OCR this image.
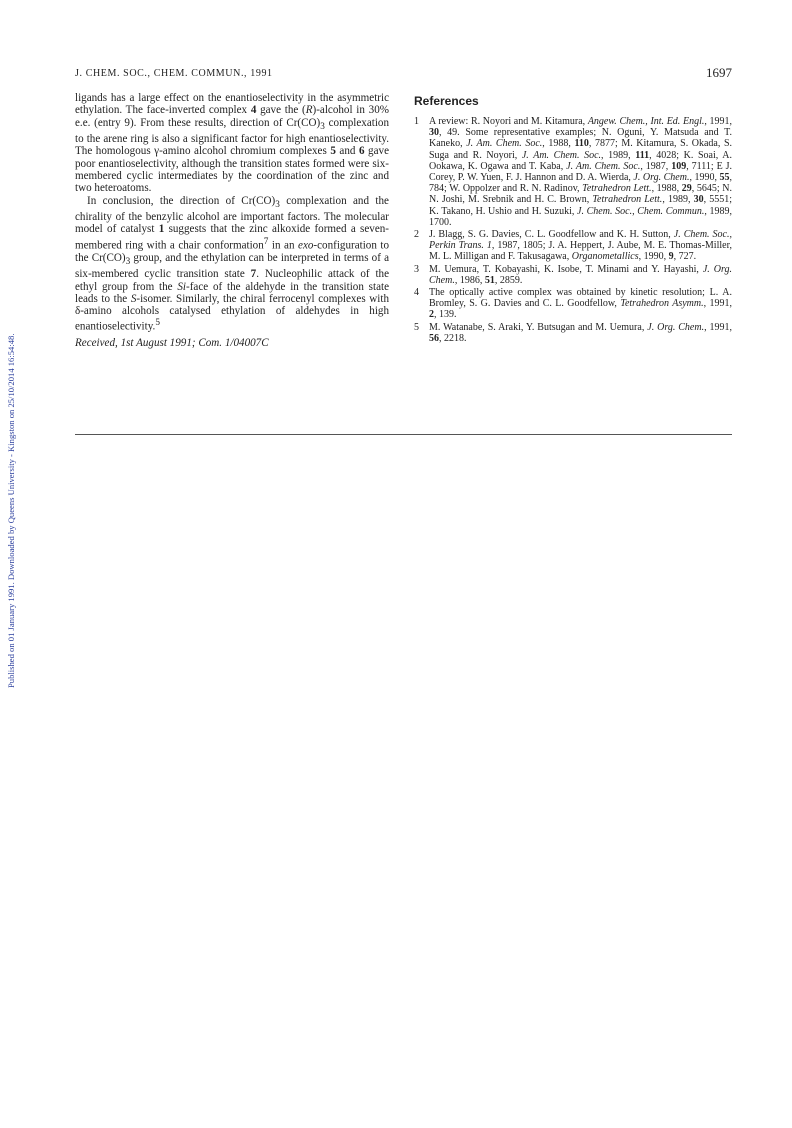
Published on 01 January 1991. Downloaded by Queens University - Kingston on 25/10/2014 16:54:48.
J. CHEM. SOC., CHEM. COMMUN., 1991	1697

ligands has a large effect on the enantioselectivity in the asymmetric ethylation. The face-inverted complex 4 gave the (R)-alcohol in 30% e.e. (entry 9). From these results, direction of $Cr(CO)_3$ complexation to the arene ring is also a significant factor for high enantioselectivity. The homologous γ-amino alcohol chromium complexes 5 and 6 gave poor enantioselectivity, although the transition states formed were six-membered cyclic intermediates by the coordination of the zinc and two heteroatoms.

In conclusion, the direction of $Cr(CO)_3$ complexation and the chirality of the benzylic alcohol are important factors. The molecular model of catalyst 1 suggests that the zinc alkoxide formed a seven-membered ring with a chair conformation$^7$ in an exo-configuration to the $Cr(CO)_3$ group, and the ethylation can be interpreted in terms of a six-membered cyclic transition state 7. Nucleophilic attack of the ethyl group from the Si-face of the aldehyde in the transition state leads to the S-isomer. Similarly, the chiral ferrocenyl complexes with δ-amino alcohols catalysed ethylation of aldehydes in high enantioselectivity.$^5$

Received, 1st August 1991; Com. 1/04007C

References
1 A review: R. Noyori and M. Kitamura, Angew. Chem., Int. Ed. Engl., 1991, 30, 49. Some representative examples; N. Oguni, Y. Matsuda and T. Kaneko, J. Am. Chem. Soc., 1988, 110, 7877; M. Kitamura, S. Okada, S. Suga and R. Noyori, J. Am. Chem. Soc., 1989, 111, 4028; K. Soai, A. Ookawa, K. Ogawa and T. Kaba, J. Am. Chem. Soc., 1987, 109, 7111; E J. Corey, P. W. Yuen, F. J. Hannon and D. A. Wierda, J. Org. Chem., 1990, 55, 784; W. Oppolzer and R. N. Radinov, Tetrahedron Lett., 1988, 29, 5645; N. N. Joshi, M. Srebnik and H. C. Brown, Tetrahedron Lett., 1989, 30, 5551; K. Takano, H. Ushio and H. Suzuki, J. Chem. Soc., Chem. Commun., 1989, 1700.
2 J. Blagg, S. G. Davies, C. L. Goodfellow and K. H. Sutton, J. Chem. Soc., Perkin Trans. 1, 1987, 1805; J. A. Heppert, J. Aube, M. E. Thomas-Miller, M. L. Milligan and F. Takusagawa, Organometallics, 1990, 9, 727.
3 M. Uemura, T. Kobayashi, K. Isobe, T. Minami and Y. Hayashi, J. Org. Chem., 1986, 51, 2859.
4 The optically active complex was obtained by kinetic resolution; L. A. Bromley, S. G. Davies and C. L. Goodfellow, Tetrahedron Asymm., 1991, 2, 139.
5 M. Watanabe, S. Araki, Y. Butsugan and M. Uemura, J. Org. Chem., 1991, 56, 2218.
